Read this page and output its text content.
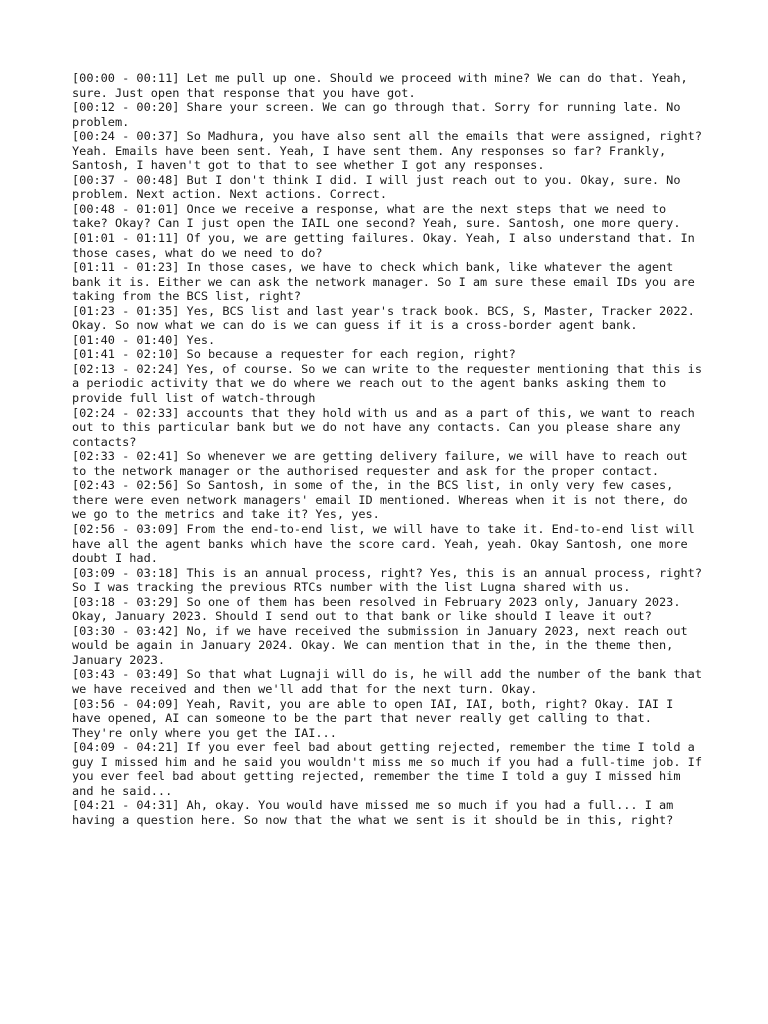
[00:00 - 00:11] Let me pull up one. Should we proceed with mine? We can do that. Yeah, sure. Just open that response that you have got.

[00:12 - 00:20] Share your screen. We can go through that. Sorry for running late. No problem.

[00:24 - 00:37] So Madhura, you have also sent all the emails that were assigned, right? Yeah. Emails have been sent. Yeah, I have sent them. Any responses so far? Frankly, Santosh, I haven't got to that to see whether I got any responses.

[00:37 - 00:48] But I don't think I did. I will just reach out to you. Okay, sure. No problem. Next action. Next actions. Correct.

[00:48 - 01:01] Once we receive a response, what are the next steps that we need to take? Okay? Can I just open the IAIL one second? Yeah, sure. Santosh, one more query.

[01:01 - 01:11] Of you, we are getting failures. Okay. Yeah, I also understand that. In those cases, what do we need to do?

[01:11 - 01:23] In those cases, we have to check which bank, like whatever the agent bank it is. Either we can ask the network manager. So I am sure these email IDs you are taking from the BCS list, right?

[01:23 - 01:35] Yes, BCS list and last year's track book. BCS, S, Master, Tracker 2022. Okay. So now what we can do is we can guess if it is a cross-border agent bank.

[01:40 - 01:40] Yes.

[01:41 - 02:10] So because a requester for each region, right?

[02:13 - 02:24] Yes, of course. So we can write to the requester mentioning that this is a periodic activity that we do where we reach out to the agent banks asking them to provide full list of watch-through

[02:24 - 02:33] accounts that they hold with us and as a part of this, we want to reach out to this particular bank but we do not have any contacts. Can you please share any contacts?

[02:33 - 02:41] So whenever we are getting delivery failure, we will have to reach out to the network manager or the authorised requester and ask for the proper contact.

[02:43 - 02:56] So Santosh, in some of the, in the BCS list, in only very few cases, there were even network managers' email ID mentioned. Whereas when it is not there, do we go to the metrics and take it? Yes, yes.

[02:56 - 03:09] From the end-to-end list, we will have to take it. End-to-end list will have all the agent banks which have the score card. Yeah, yeah. Okay Santosh, one more doubt I had.

[03:09 - 03:18] This is an annual process, right? Yes, this is an annual process, right? So I was tracking the previous RTCs number with the list Lugna shared with us.

[03:18 - 03:29] So one of them has been resolved in February 2023 only, January 2023. Okay, January 2023. Should I send out to that bank or like should I leave it out?

[03:30 - 03:42] No, if we have received the submission in January 2023, next reach out would be again in January 2024. Okay. We can mention that in the, in the theme then, January 2023.

[03:43 - 03:49] So that what Lugnaji will do is, he will add the number of the bank that we have received and then we'll add that for the next turn. Okay.

[03:56 - 04:09] Yeah, Ravit, you are able to open IAI, IAI, both, right? Okay. IAI I have opened, AI can someone to be the part that never really get calling to that. They're only where you get the IAI...

[04:09 - 04:21] If you ever feel bad about getting rejected, remember the time I told a guy I missed him and he said you wouldn't miss me so much if you had a full-time job. If you ever feel bad about getting rejected, remember the time I told a guy I missed him and he said...

[04:21 - 04:31] Ah, okay. You would have missed me so much if you had a full... I am having a question here. So now that the what we sent is it should be in this, right?
